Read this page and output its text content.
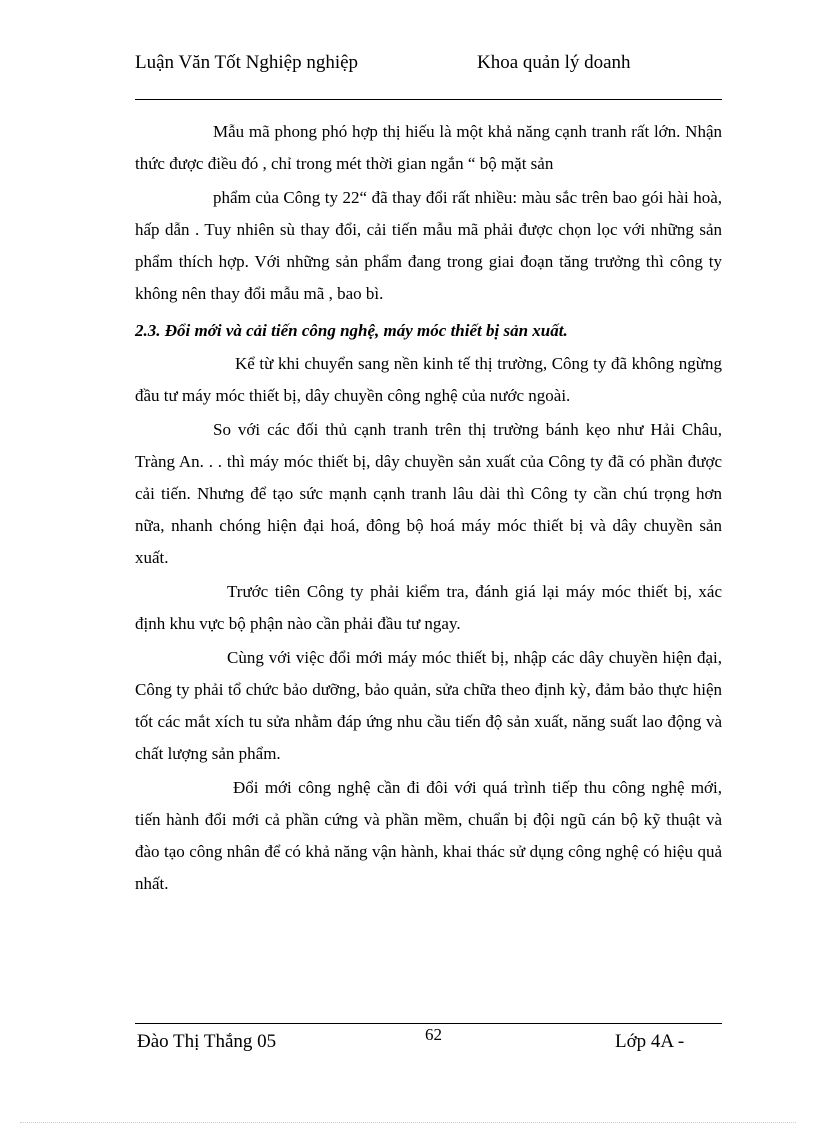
Luận Văn Tốt Nghiệp nghiệp	Khoa quản lý doanh

Mẫu mã phong phó hợp thị hiếu là một khả năng cạnh tranh rất lớn. Nhận thức được điều đó , chỉ trong mét thời gian ngắn “ bộ mặt sản

phẩm của Công ty 22“ đã thay đổi rất nhiều: màu sắc trên bao gói hài hoà, hấp dẫn . Tuy nhiên sù thay đổi, cải tiến mẫu mã phải được chọn lọc với những sản phẩm thích hợp. Với những sản phẩm đang trong giai đoạn tăng trưởng thì công ty không nên thay đổi mẫu mã , bao bì.

2.3. Đổi mới và cải tiến công nghệ, máy móc thiết bị sản xuất.

Kể từ khi chuyển sang nền kinh tế thị trường, Công ty đã không ngừng đầu tư máy móc thiết bị, dây chuyền công nghệ của nước ngoài.

So với các đối thủ cạnh tranh trên thị trường bánh kẹo như Hải Châu, Tràng An. . . thì máy móc thiết bị, dây chuyền sản xuất của Công ty đã có phần được cải tiến. Nhưng để tạo sức mạnh cạnh tranh lâu dài thì Công ty cần chú trọng hơn nữa, nhanh chóng hiện đại hoá, đông bộ hoá máy móc thiết bị và dây chuyền sản xuất.

Trước tiên Công ty phải kiểm tra, đánh giá lại máy móc thiết bị, xác định khu vực bộ phận nào cần phải đầu tư ngay.

Cùng với việc đổi mới máy móc thiết bị, nhập các dây chuyền hiện đại, Công ty phải tổ chức bảo dưỡng, bảo quản, sửa chữa theo định kỳ, đảm bảo thực hiện tốt các mắt xích tu sửa nhằm đáp ứng nhu cầu tiến độ sản xuất, năng suất lao động và chất lượng sản phẩm.

Đổi mới công nghệ cần đi đôi với quá trình tiếp thu công nghệ mới, tiến hành đổi mới cả phần cứng và phần mềm, chuẩn bị đội ngũ cán bộ kỹ thuật và đào tạo công nhân để có khả năng vận hành, khai thác sử dụng công nghệ có hiệu quả nhất.

Đào Thị Thắng 05	62	Lớp 4A -
